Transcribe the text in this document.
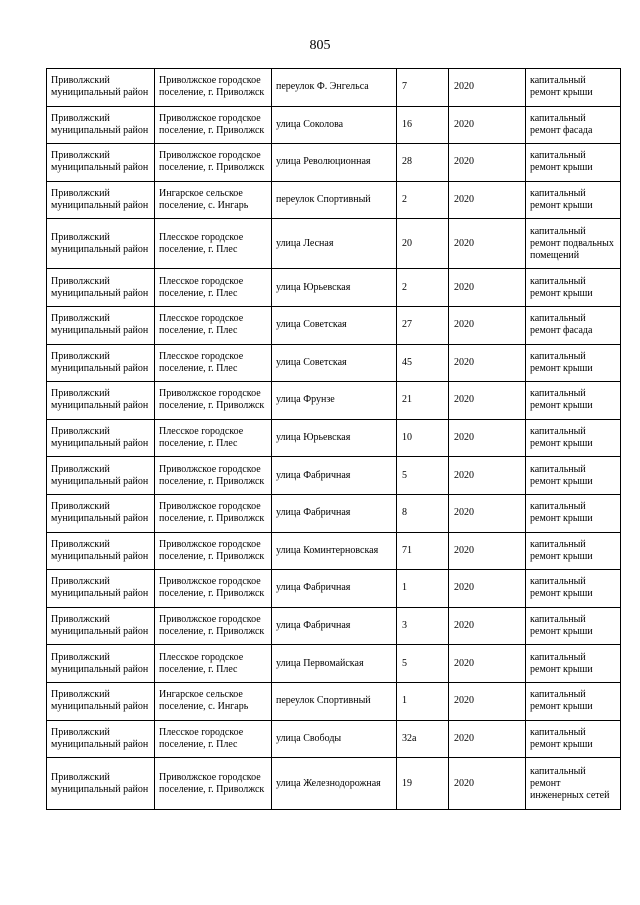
805
Приволжский муниципальный район	Приволжское городское поселение, г. Приволжск	переулок Ф. Энгельса	7	2020	капитальный ремонт крыши
Приволжский муниципальный район	Приволжское городское поселение, г. Приволжск	улица Соколова	16	2020	капитальный ремонт фасада
Приволжский муниципальный район	Приволжское городское поселение, г. Приволжск	улица Революционная	28	2020	капитальный ремонт крыши
Приволжский муниципальный район	Ингарское сельское поселение, с. Ингарь	переулок Спортивный	2	2020	капитальный ремонт крыши
Приволжский муниципальный район	Плесское городское поселение, г. Плес	улица Лесная	20	2020	капитальный ремонт подвальных помещений
Приволжский муниципальный район	Плесское городское поселение, г. Плес	улица Юрьевская	2	2020	капитальный ремонт крыши
Приволжский муниципальный район	Плесское городское поселение, г. Плес	улица Советская	27	2020	капитальный ремонт фасада
Приволжский муниципальный район	Плесское городское поселение, г. Плес	улица Советская	45	2020	капитальный ремонт крыши
Приволжский муниципальный район	Приволжское городское поселение, г. Приволжск	улица Фрунзе	21	2020	капитальный ремонт крыши
Приволжский муниципальный район	Плесское городское поселение, г. Плес	улица Юрьевская	10	2020	капитальный ремонт крыши
Приволжский муниципальный район	Приволжское городское поселение, г. Приволжск	улица Фабричная	5	2020	капитальный ремонт крыши
Приволжский муниципальный район	Приволжское городское поселение, г. Приволжск	улица Фабричная	8	2020	капитальный ремонт крыши
Приволжский муниципальный район	Приволжское городское поселение, г. Приволжск	улица Коминтерновская	71	2020	капитальный ремонт крыши
Приволжский муниципальный район	Приволжское городское поселение, г. Приволжск	улица Фабричная	1	2020	капитальный ремонт крыши
Приволжский муниципальный район	Приволжское городское поселение, г. Приволжск	улица Фабричная	3	2020	капитальный ремонт крыши
Приволжский муниципальный район	Плесское городское поселение, г. Плес	улица Первомайская	5	2020	капитальный ремонт крыши
Приволжский муниципальный район	Ингарское сельское поселение, с. Ингарь	переулок Спортивный	1	2020	капитальный ремонт крыши
Приволжский муниципальный район	Плесское городское поселение, г. Плес	улица Свободы	32а	2020	капитальный ремонт крыши
Приволжский муниципальный район	Приволжское городское поселение, г. Приволжск	улица Железнодорожная	19	2020	капитальный ремонт инженерных сетей
